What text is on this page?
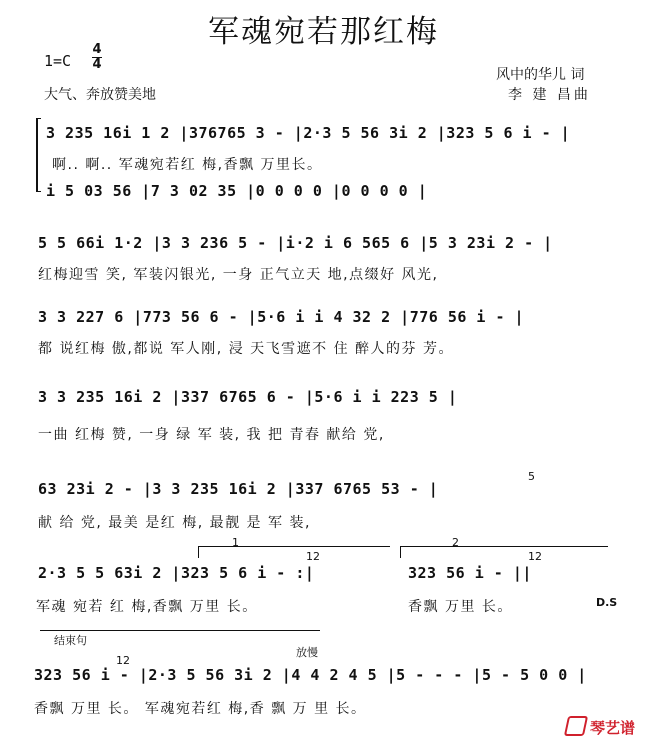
军魂宛若那红梅
1=C
4
4
大气、奔放赞美地
风中的华儿 词
李 建 昌曲
3 235 16i 1 2 |376765 3 - |2·3 5 56 3i 2 |323 5 6 i - |
啊.. 啊.. 军魂宛若红 梅,香飘 万里长。
i 5 03 56 |7 3 02 35 |0 0 0 0 |0 0 0 0 |
5 5 66i 1·2 |3 3 236 5 - |i·2 i 6 565 6 |5 3 23i 2 - |
红梅迎雪 笑, 军装闪银光, 一身 正气立天 地,点缀好 风光,
3 3 227 6 |773 56 6 - |5·6 i i 4 32 2 |776 56 i - |
都 说红梅 傲,都说 军人刚, 浸 天飞雪遮不 住 醉人的芬 芳。
3 3 235 16i 2 |337 6765 6 - |5·6 i i 223 5 |
一曲 红梅 赞, 一身 绿 军 装, 我 把 青春 献给 党,
5
63 23i 2 - |3 3 235 16i 2 |337 6765 53 - |
献 给 党, 最美 是红 梅, 最靓 是 军 装,
1	2
12	12
2·3 5 5 63i 2 |323 5 6 i - :|	323 56 i - ||
军魂 宛若 红 梅,香飘 万里 长。	香飘 万里 长。	D.S
结束句
放慢
12
323 56 i - |2·3 5 56 3i 2 |4 4 2 4 5 |5 - - - |5 - 5 0 0 |
香飘 万里 长。 军魂宛若红 梅,香 飘 万 里 长。
琴艺谱
